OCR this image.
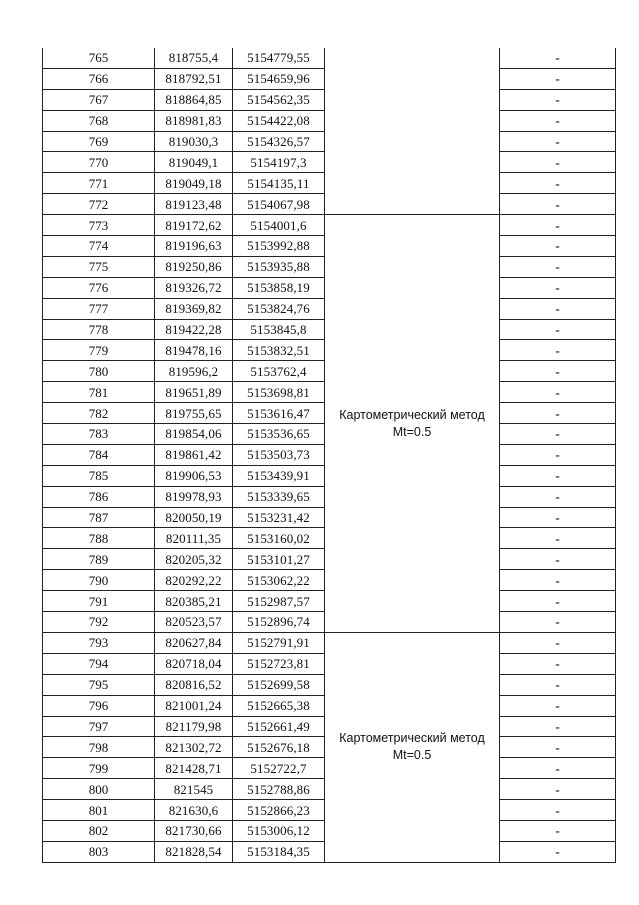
765	818755,4	5154779,55		-
766	818792,51	5154659,96		-
767	818864,85	5154562,35		-
768	818981,83	5154422,08		-
769	819030,3	5154326,57		-
770	819049,1	5154197,3		-
771	819049,18	5154135,11		-
772	819123,48	5154067,98		-
773	819172,62	5154001,6	Картометрический метод Mt=0.5	-
774	819196,63	5153992,88		-
775	819250,86	5153935,88		-
776	819326,72	5153858,19		-
777	819369,82	5153824,76		-
778	819422,28	5153845,8		-
779	819478,16	5153832,51		-
780	819596,2	5153762,4		-
781	819651,89	5153698,81		-
782	819755,65	5153616,47		-
783	819854,06	5153536,65		-
784	819861,42	5153503,73		-
785	819906,53	5153439,91		-
786	819978,93	5153339,65		-
787	820050,19	5153231,42		-
788	820111,35	5153160,02		-
789	820205,32	5153101,27		-
790	820292,22	5153062,22		-
791	820385,21	5152987,57		-
792	820523,57	5152896,74		-
793	820627,84	5152791,91	Картометрический метод Mt=0.5	-
794	820718,04	5152723,81		-
795	820816,52	5152699,58		-
796	821001,24	5152665,38		-
797	821179,98	5152661,49		-
798	821302,72	5152676,18		-
799	821428,71	5152722,7		-
800	821545	5152788,86		-
801	821630,6	5152866,23		-
802	821730,66	5153006,12		-
803	821828,54	5153184,35		-
